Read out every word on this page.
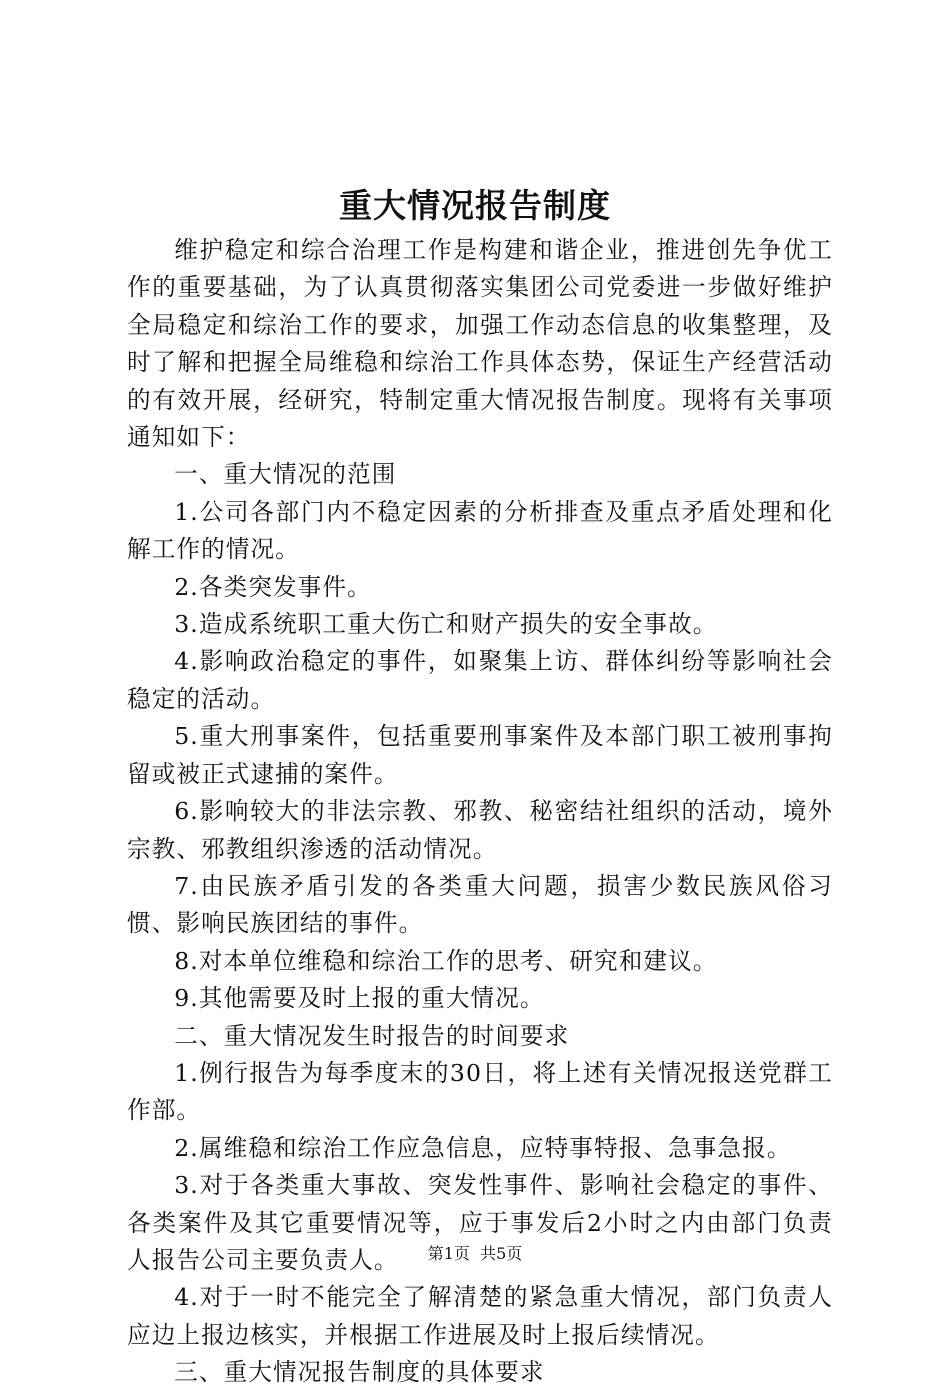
重大情况报告制度

维护稳定和综合治理工作是构建和谐企业，推进创先争优工作的重要基础，为了认真贯彻落实集团公司党委进一步做好维护全局稳定和综治工作的要求，加强工作动态信息的收集整理，及时了解和把握全局维稳和综治工作具体态势，保证生产经营活动的有效开展，经研究，特制定重大情况报告制度。现将有关事项通知如下：

一、重大情况的范围

1.公司各部门内不稳定因素的分析排查及重点矛盾处理和化解工作的情况。

2.各类突发事件。

3.造成系统职工重大伤亡和财产损失的安全事故。

4.影响政治稳定的事件，如聚集上访、群体纠纷等影响社会稳定的活动。

5.重大刑事案件，包括重要刑事案件及本部门职工被刑事拘留或被正式逮捕的案件。

6.影响较大的非法宗教、邪教、秘密结社组织的活动，境外宗教、邪教组织渗透的活动情况。

7.由民族矛盾引发的各类重大问题，损害少数民族风俗习惯、影响民族团结的事件。

8.对本单位维稳和综治工作的思考、研究和建议。

9.其他需要及时上报的重大情况。

二、重大情况发生时报告的时间要求

1.例行报告为每季度末的30日，将上述有关情况报送党群工作部。

2.属维稳和综治工作应急信息，应特事特报、急事急报。

3.对于各类重大事故、突发性事件、影响社会稳定的事件、各类案件及其它重要情况等，应于事发后2小时之内由部门负责人报告公司主要负责人。

4.对于一时不能完全了解清楚的紧急重大情况，部门负责人应边上报边核实，并根据工作进展及时上报后续情况。

三、重大情况报告制度的具体要求

第1页 共5页
